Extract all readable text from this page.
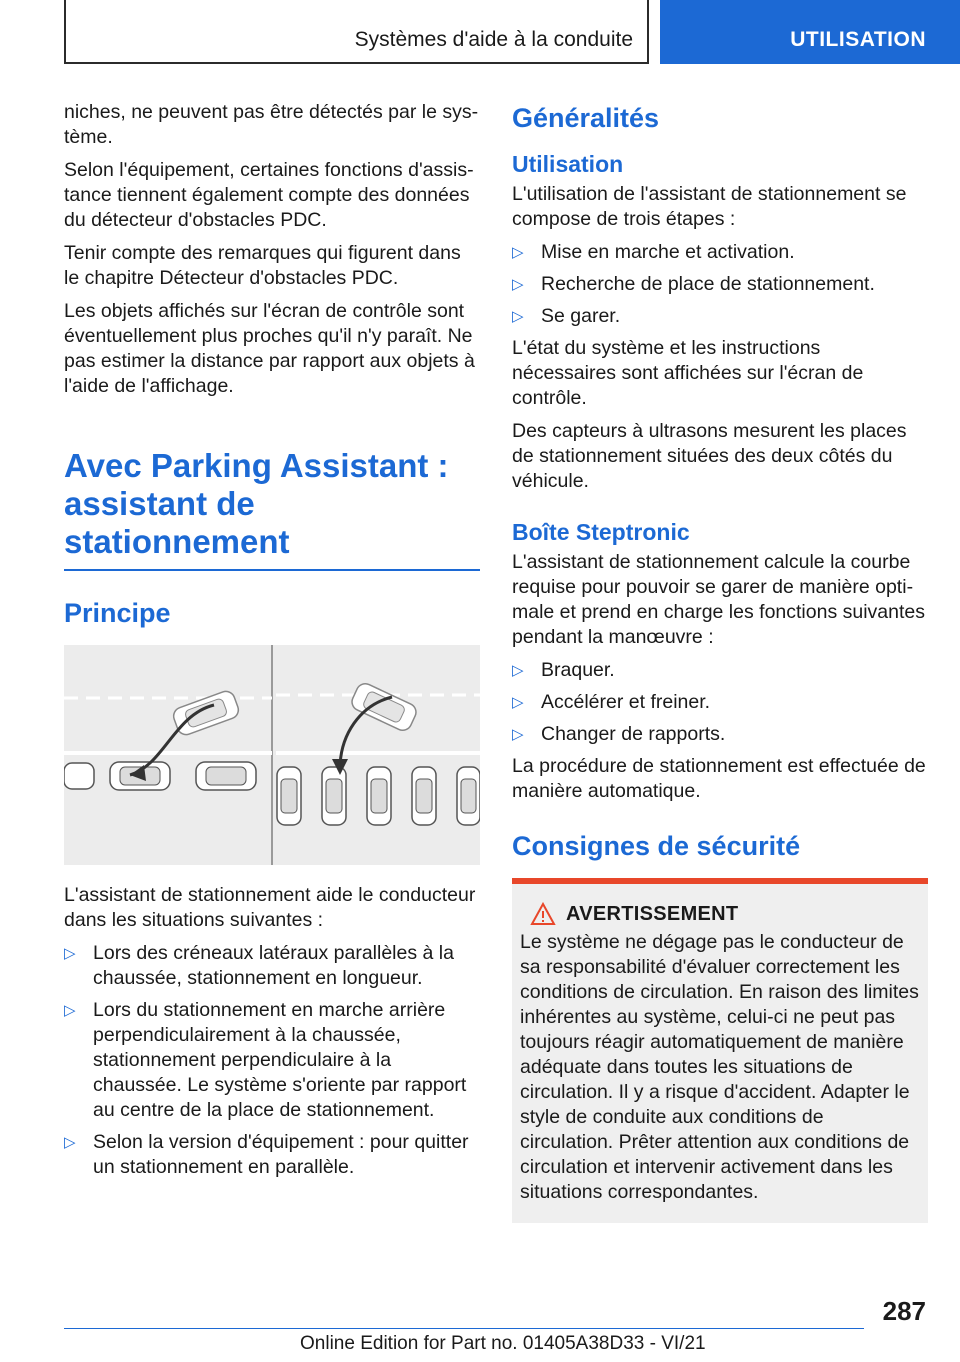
Systèmes d'aide à la conduite	UTILISATION

niches, ne peuvent pas être détectés par le système.

Selon l'équipement, certaines fonctions d'assistance tiennent également compte des données du détecteur d'obstacles PDC.

Tenir compte des remarques qui figurent dans le chapitre Détecteur d'obstacles PDC.

Les objets affichés sur l'écran de contrôle sont éventuellement plus proches qu'il n'y paraît. Ne pas estimer la distance par rapport aux objets à l'aide de l'affichage.

Avec Parking Assistant : assistant de stationnement
Principe

L'assistant de stationnement aide le conducteur dans les situations suivantes :

▷ Lors des créneaux latéraux parallèles à la chaussée, stationnement en longueur.
▷ Lors du stationnement en marche arrière perpendiculairement à la chaussée, stationnement perpendiculaire à la chaussée. Le système s'oriente par rapport au centre de la place de stationnement.
▷ Selon la version d'équipement : pour quitter un stationnement en parallèle.
Généralités
Utilisation

L'utilisation de l'assistant de stationnement se compose de trois étapes :

▷ Mise en marche et activation.
▷ Recherche de place de stationnement.
▷ Se garer.

L'état du système et les instructions nécessaires sont affichées sur l'écran de contrôle.

Des capteurs à ultrasons mesurent les places de stationnement situées des deux côtés du véhicule.

Boîte Steptronic

L'assistant de stationnement calcule la courbe requise pour pouvoir se garer de manière optimale et prend en charge les fonctions suivantes pendant la manœuvre :

▷ Braquer.
▷ Accélérer et freiner.
▷ Changer de rapports.

La procédure de stationnement est effectuée de manière automatique.

Consignes de sécurité
AVERTISSEMENT

Le système ne dégage pas le conducteur de sa responsabilité d'évaluer correctement les conditions de circulation. En raison des limites inhérentes au système, celui-ci ne peut pas toujours réagir automatiquement de manière adéquate dans toutes les situations de circulation. Il y a risque d'accident. Adapter le style de conduite aux conditions de circulation. Prêter attention aux conditions de circulation et intervenir activement dans les situations correspondantes.

287
Online Edition for Part no. 01405A38D33 - VI/21
